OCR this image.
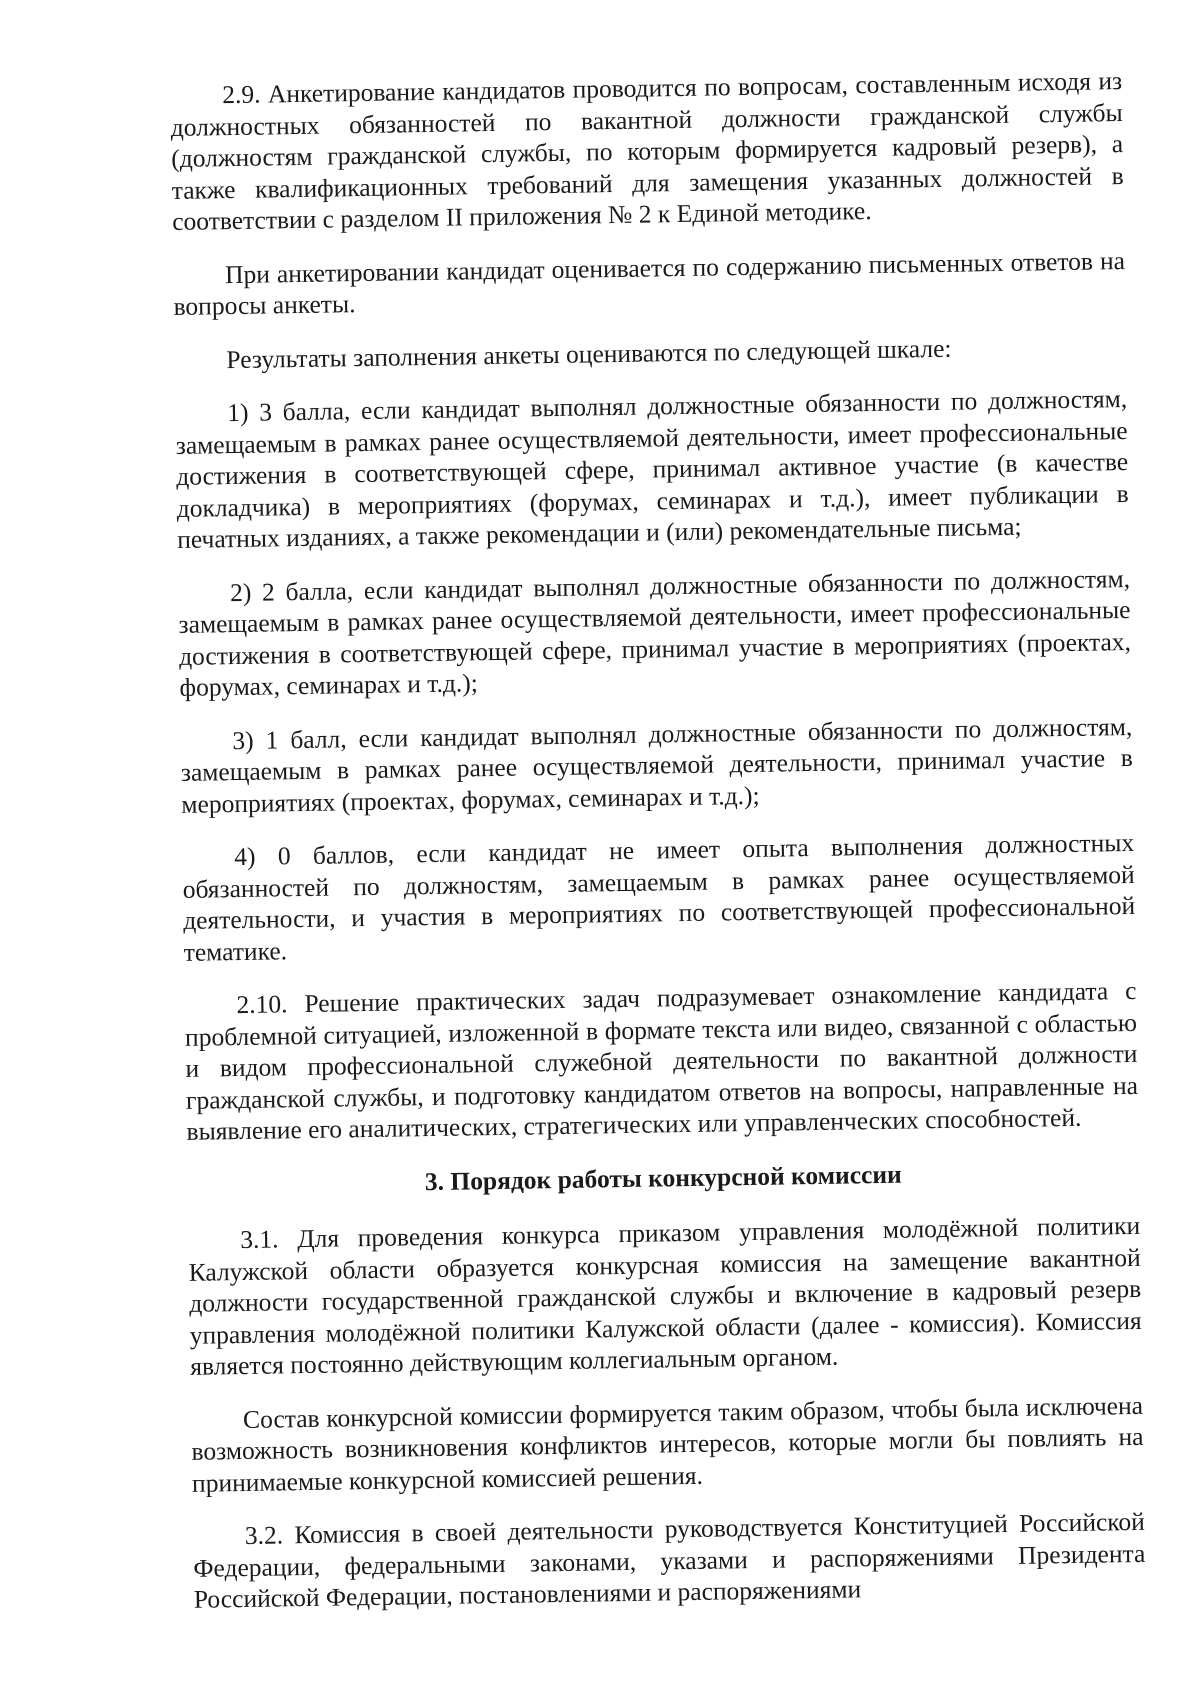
2.9. Анкетирование кандидатов проводится по вопросам, составленным исходя из должностных обязанностей по вакантной должности гражданской службы (должностям гражданской службы, по которым формируется кадровый резерв), а также квалификационных требований для замещения указанных должностей в соответствии с разделом II приложения № 2 к Единой методике.

При анкетировании кандидат оценивается по содержанию письменных ответов на вопросы анкеты.

Результаты заполнения анкеты оцениваются по следующей шкале:

1) 3 балла, если кандидат выполнял должностные обязанности по должностям, замещаемым в рамках ранее осуществляемой деятельности, имеет профессиональные достижения в соответствующей сфере, принимал активное участие (в качестве докладчика) в мероприятиях (форумах, семинарах и т.д.), имеет публикации в печатных изданиях, а также рекомендации и (или) рекомендательные письма;

2) 2 балла, если кандидат выполнял должностные обязанности по должностям, замещаемым в рамках ранее осуществляемой деятельности, имеет профессиональные достижения в соответствующей сфере, принимал участие в мероприятиях (проектах, форумах, семинарах и т.д.);

3) 1 балл, если кандидат выполнял должностные обязанности по должностям, замещаемым в рамках ранее осуществляемой деятельности, принимал участие в мероприятиях (проектах, форумах, семинарах и т.д.);

4) 0 баллов, если кандидат не имеет опыта выполнения должностных обязанностей по должностям, замещаемым в рамках ранее осуществляемой деятельности, и участия в мероприятиях по соответствующей профессиональной тематике.

2.10. Решение практических задач подразумевает ознакомление кандидата с проблемной ситуацией, изложенной в формате текста или видео, связанной с областью и видом профессиональной служебной деятельности по вакантной должности гражданской службы, и подготовку кандидатом ответов на вопросы, направленные на выявление его аналитических, стратегических или управленческих способностей.

3. Порядок работы конкурсной комиссии

3.1. Для проведения конкурса приказом управления молодёжной политики Калужской области образуется конкурсная комиссия на замещение вакантной должности государственной гражданской службы и включение в кадровый резерв управления молодёжной политики Калужской области (далее - комиссия). Комиссия является постоянно действующим коллегиальным органом.

Состав конкурсной комиссии формируется таким образом, чтобы была исключена возможность возникновения конфликтов интересов, которые могли бы повлиять на принимаемые конкурсной комиссией решения.

3.2. Комиссия в своей деятельности руководствуется Конституцией Российской Федерации, федеральными законами, указами и распоряжениями Президента Российской Федерации, постановлениями и распоряжениями
